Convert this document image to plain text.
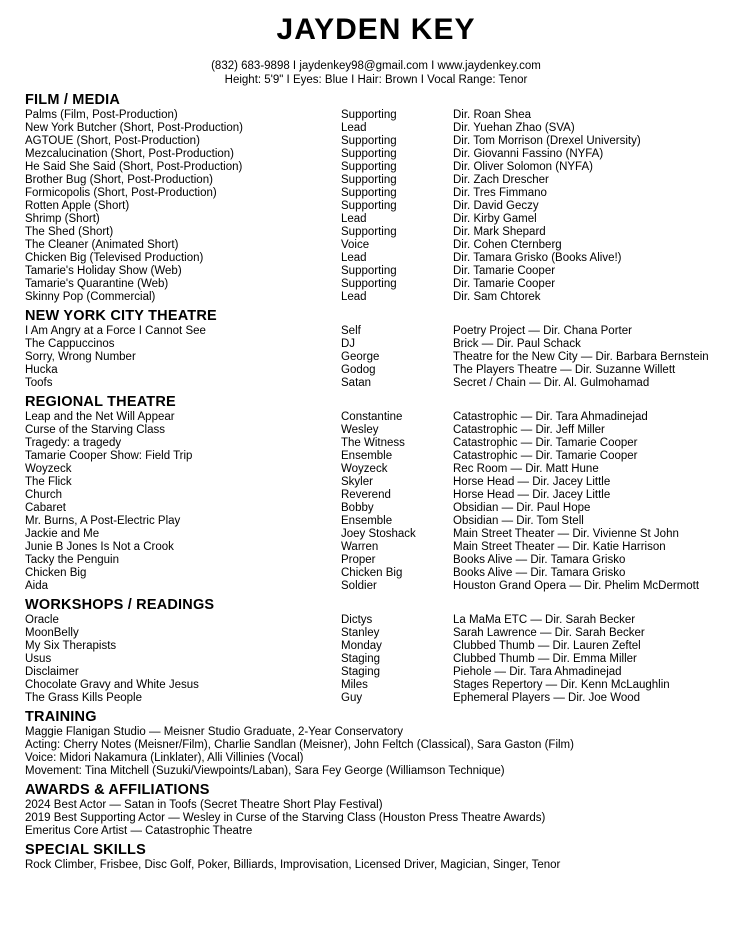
JAYDEN KEY
(832) 683-9898 I jaydenkey98@gmail.com I www.jaydenkey.com
Height: 5'9" I Eyes: Blue I Hair: Brown I Vocal Range: Tenor
FILM / MEDIA
Palms (Film, Post-Production)	Supporting	Dir. Roan Shea
New York Butcher (Short, Post-Production)	Lead	Dir. Yuehan Zhao (SVA)
AGTOUE (Short, Post-Production)	Supporting	Dir. Tom Morrison (Drexel University)
Mezcalucination (Short, Post-Production)	Supporting	Dir. Giovanni Fassino (NYFA)
He Said She Said (Short, Post-Production)	Supporting	Dir. Oliver Solomon (NYFA)
Brother Bug (Short, Post-Production)	Supporting	Dir. Zach Drescher
Formicopolis (Short, Post-Production)	Supporting	Dir. Tres Fimmano
Rotten Apple (Short)	Supporting	Dir. David Geczy
Shrimp (Short)	Lead	Dir. Kirby Gamel
The Shed (Short)	Supporting	Dir. Mark Shepard
The Cleaner (Animated Short)	Voice	Dir. Cohen Cternberg
Chicken Big (Televised Production)	Lead	Dir. Tamara Grisko (Books Alive!)
Tamarie's Holiday Show (Web)	Supporting	Dir. Tamarie Cooper
Tamarie's Quarantine (Web)	Supporting	Dir. Tamarie Cooper
Skinny Pop (Commercial)	Lead	Dir. Sam Chtorek
NEW YORK CITY THEATRE
I Am Angry at a Force I Cannot See	Self	Poetry Project — Dir. Chana Porter
The Cappuccinos	DJ	Brick — Dir. Paul Schack
Sorry, Wrong Number	George	Theatre for the New City — Dir. Barbara Bernstein
Hucka	Godog	The Players Theatre — Dir. Suzanne Willett
Toofs	Satan	Secret / Chain — Dir. Al. Gulmohamad
REGIONAL THEATRE
Leap and the Net Will Appear	Constantine	Catastrophic — Dir. Tara Ahmadinejad
Curse of the Starving Class	Wesley	Catastrophic — Dir. Jeff Miller
Tragedy: a tragedy	The Witness	Catastrophic — Dir. Tamarie Cooper
Tamarie Cooper Show: Field Trip	Ensemble	Catastrophic — Dir. Tamarie Cooper
Woyzeck	Woyzeck	Rec Room — Dir. Matt Hune
The Flick	Skyler	Horse Head — Dir. Jacey Little
Church	Reverend	Horse Head — Dir. Jacey Little
Cabaret	Bobby	Obsidian — Dir. Paul Hope
Mr. Burns, A Post-Electric Play	Ensemble	Obsidian — Dir. Tom Stell
Jackie and Me	Joey Stoshack	Main Street Theater — Dir. Vivienne St John
Junie B Jones Is Not a Crook	Warren	Main Street Theater — Dir. Katie Harrison
Tacky the Penguin	Proper	Books Alive — Dir. Tamara Grisko
Chicken Big	Chicken Big	Books Alive — Dir. Tamara Grisko
Aida	Soldier	Houston Grand Opera — Dir. Phelim McDermott
WORKSHOPS / READINGS
Oracle	Dictys	La MaMa ETC — Dir. Sarah Becker
MoonBelly	Stanley	Sarah Lawrence — Dir. Sarah Becker
My Six Therapists	Monday	Clubbed Thumb — Dir. Lauren Zeftel
Usus	Staging	Clubbed Thumb — Dir. Emma Miller
Disclaimer	Staging	Piehole — Dir. Tara Ahmadinejad
Chocolate Gravy and White Jesus	Miles	Stages Repertory — Dir. Kenn McLaughlin
The Grass Kills People	Guy	Ephemeral Players — Dir. Joe Wood
TRAINING
Maggie Flanigan Studio — Meisner Studio Graduate, 2-Year Conservatory
Acting: Cherry Notes (Meisner/Film), Charlie Sandlan (Meisner), John Feltch (Classical), Sara Gaston (Film)
Voice: Midori Nakamura (Linklater), Alli Villinies (Vocal)
Movement: Tina Mitchell (Suzuki/Viewpoints/Laban), Sara Fey George (Williamson Technique)
AWARDS & AFFILIATIONS
2024 Best Actor — Satan in Toofs (Secret Theatre Short Play Festival)
2019 Best Supporting Actor — Wesley in Curse of the Starving Class (Houston Press Theatre Awards)
Emeritus Core Artist — Catastrophic Theatre
SPECIAL SKILLS
Rock Climber, Frisbee, Disc Golf, Poker, Billiards, Improvisation, Licensed Driver, Magician, Singer, Tenor
